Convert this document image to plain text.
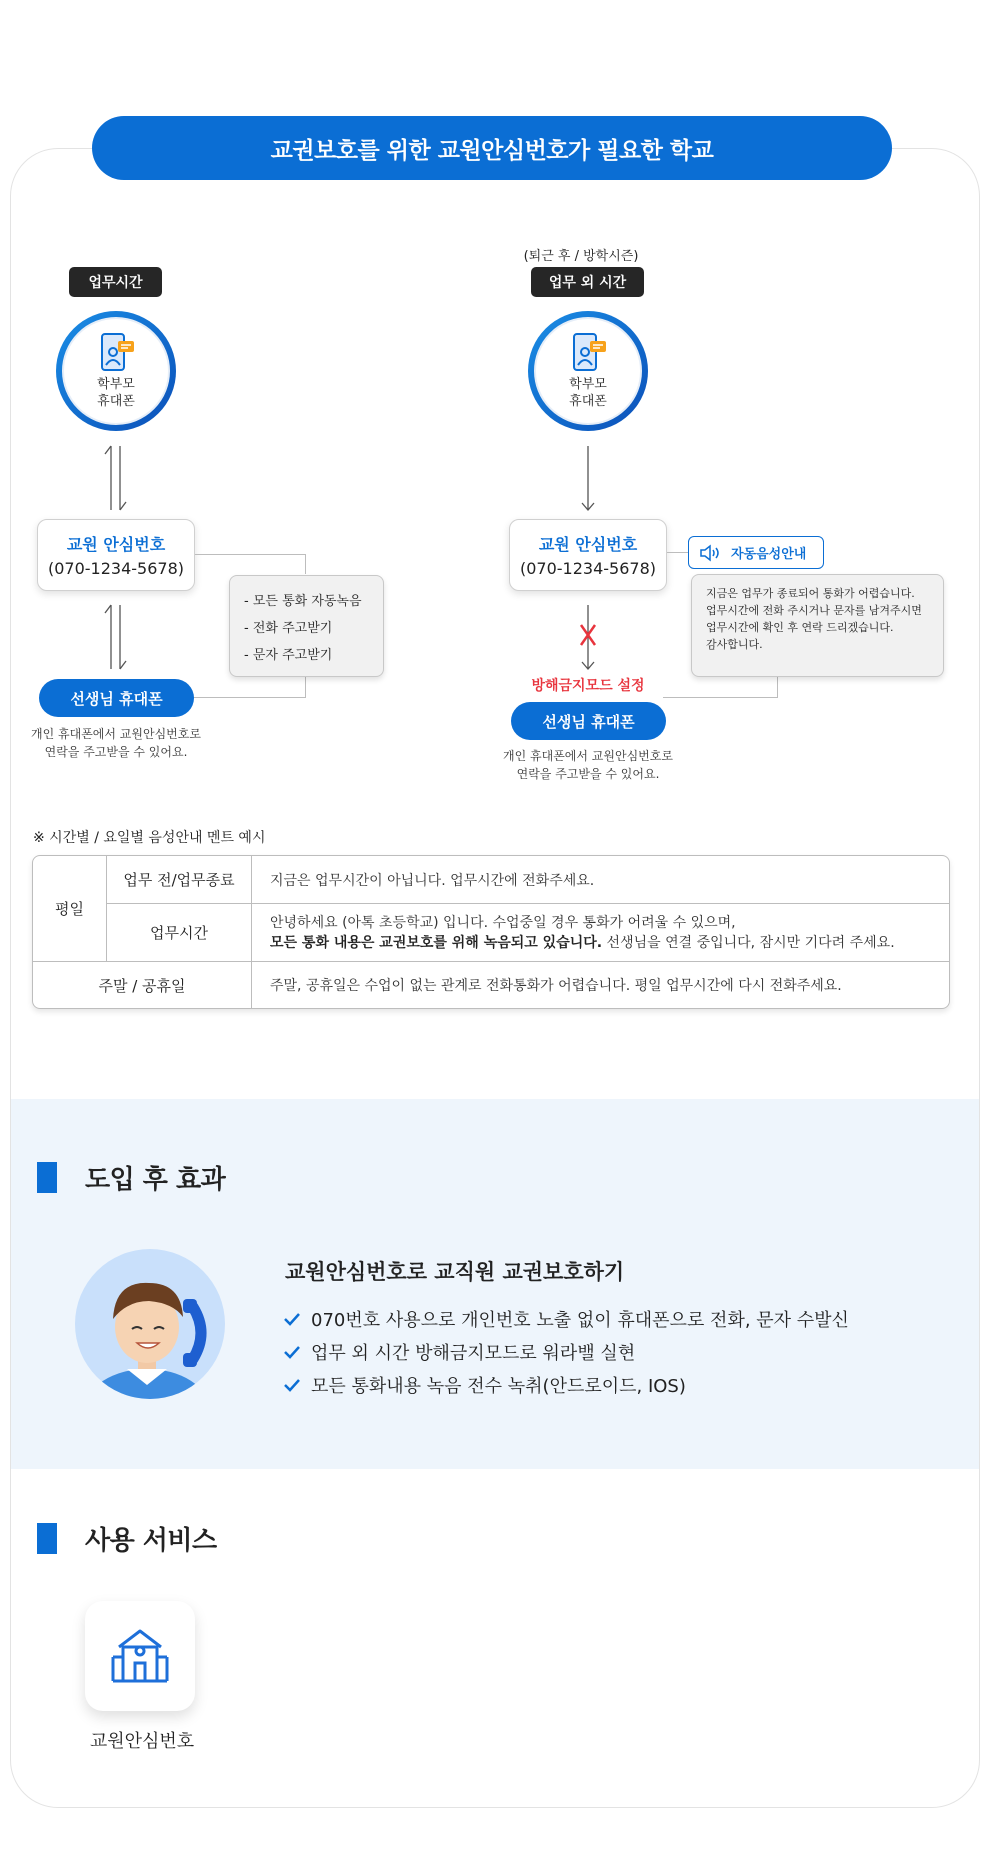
교권보호를 위한 교원안심번호가 필요한 학교
업무시간
학부모
휴대폰
교원 안심번호
(070-1234-5678)
- 모든 통화 자동녹음
- 전화 주고받기
- 문자 주고받기
선생님 휴대폰
개인 휴대폰에서 교원안심번호로
연락을 주고받을 수 있어요.
(퇴근 후 / 방학시즌)
업무 외 시간
학부모
휴대폰
교원 안심번호
(070-1234-5678)
자동음성안내
지금은 업무가 종료되어 통화가 어렵습니다.
업무시간에 전화 주시거나 문자를 남겨주시면
업무시간에 확인 후 연락 드리겠습니다.
감사합니다.
방해금지모드 설정
선생님 휴대폰
개인 휴대폰에서 교원안심번호로
연락을 주고받을 수 있어요.
※ 시간별 / 요일별 음성안내 멘트 예시
도입 후 효과
교원안심번호로 교직원 교권보호하기
070번호 사용으로 개인번호 노출 없이 휴대폰으로 전화, 문자 수발신
업무 외 시간 방해금지모드로 워라밸 실현
모든 통화내용 녹음 전수 녹취(안드로이드, IOS)
사용 서비스
교원안심번호
평일	업무 전/업무종료	지금은 업무시간이 아닙니다. 업무시간에 전화주세요.
	업무시간	안녕하세요 (아톡 초등학교) 입니다. 수업중일 경우 통화가 어려울 수 있으며,
모든 통화 내용은 교권보호를 위해 녹음되고 있습니다. 선생님을 연결 중입니다, 잠시만 기다려 주세요.

주말 / 공휴일		주말, 공휴일은 수업이 없는 관계로 전화통화가 어렵습니다. 평일 업무시간에 다시 전화주세요.
